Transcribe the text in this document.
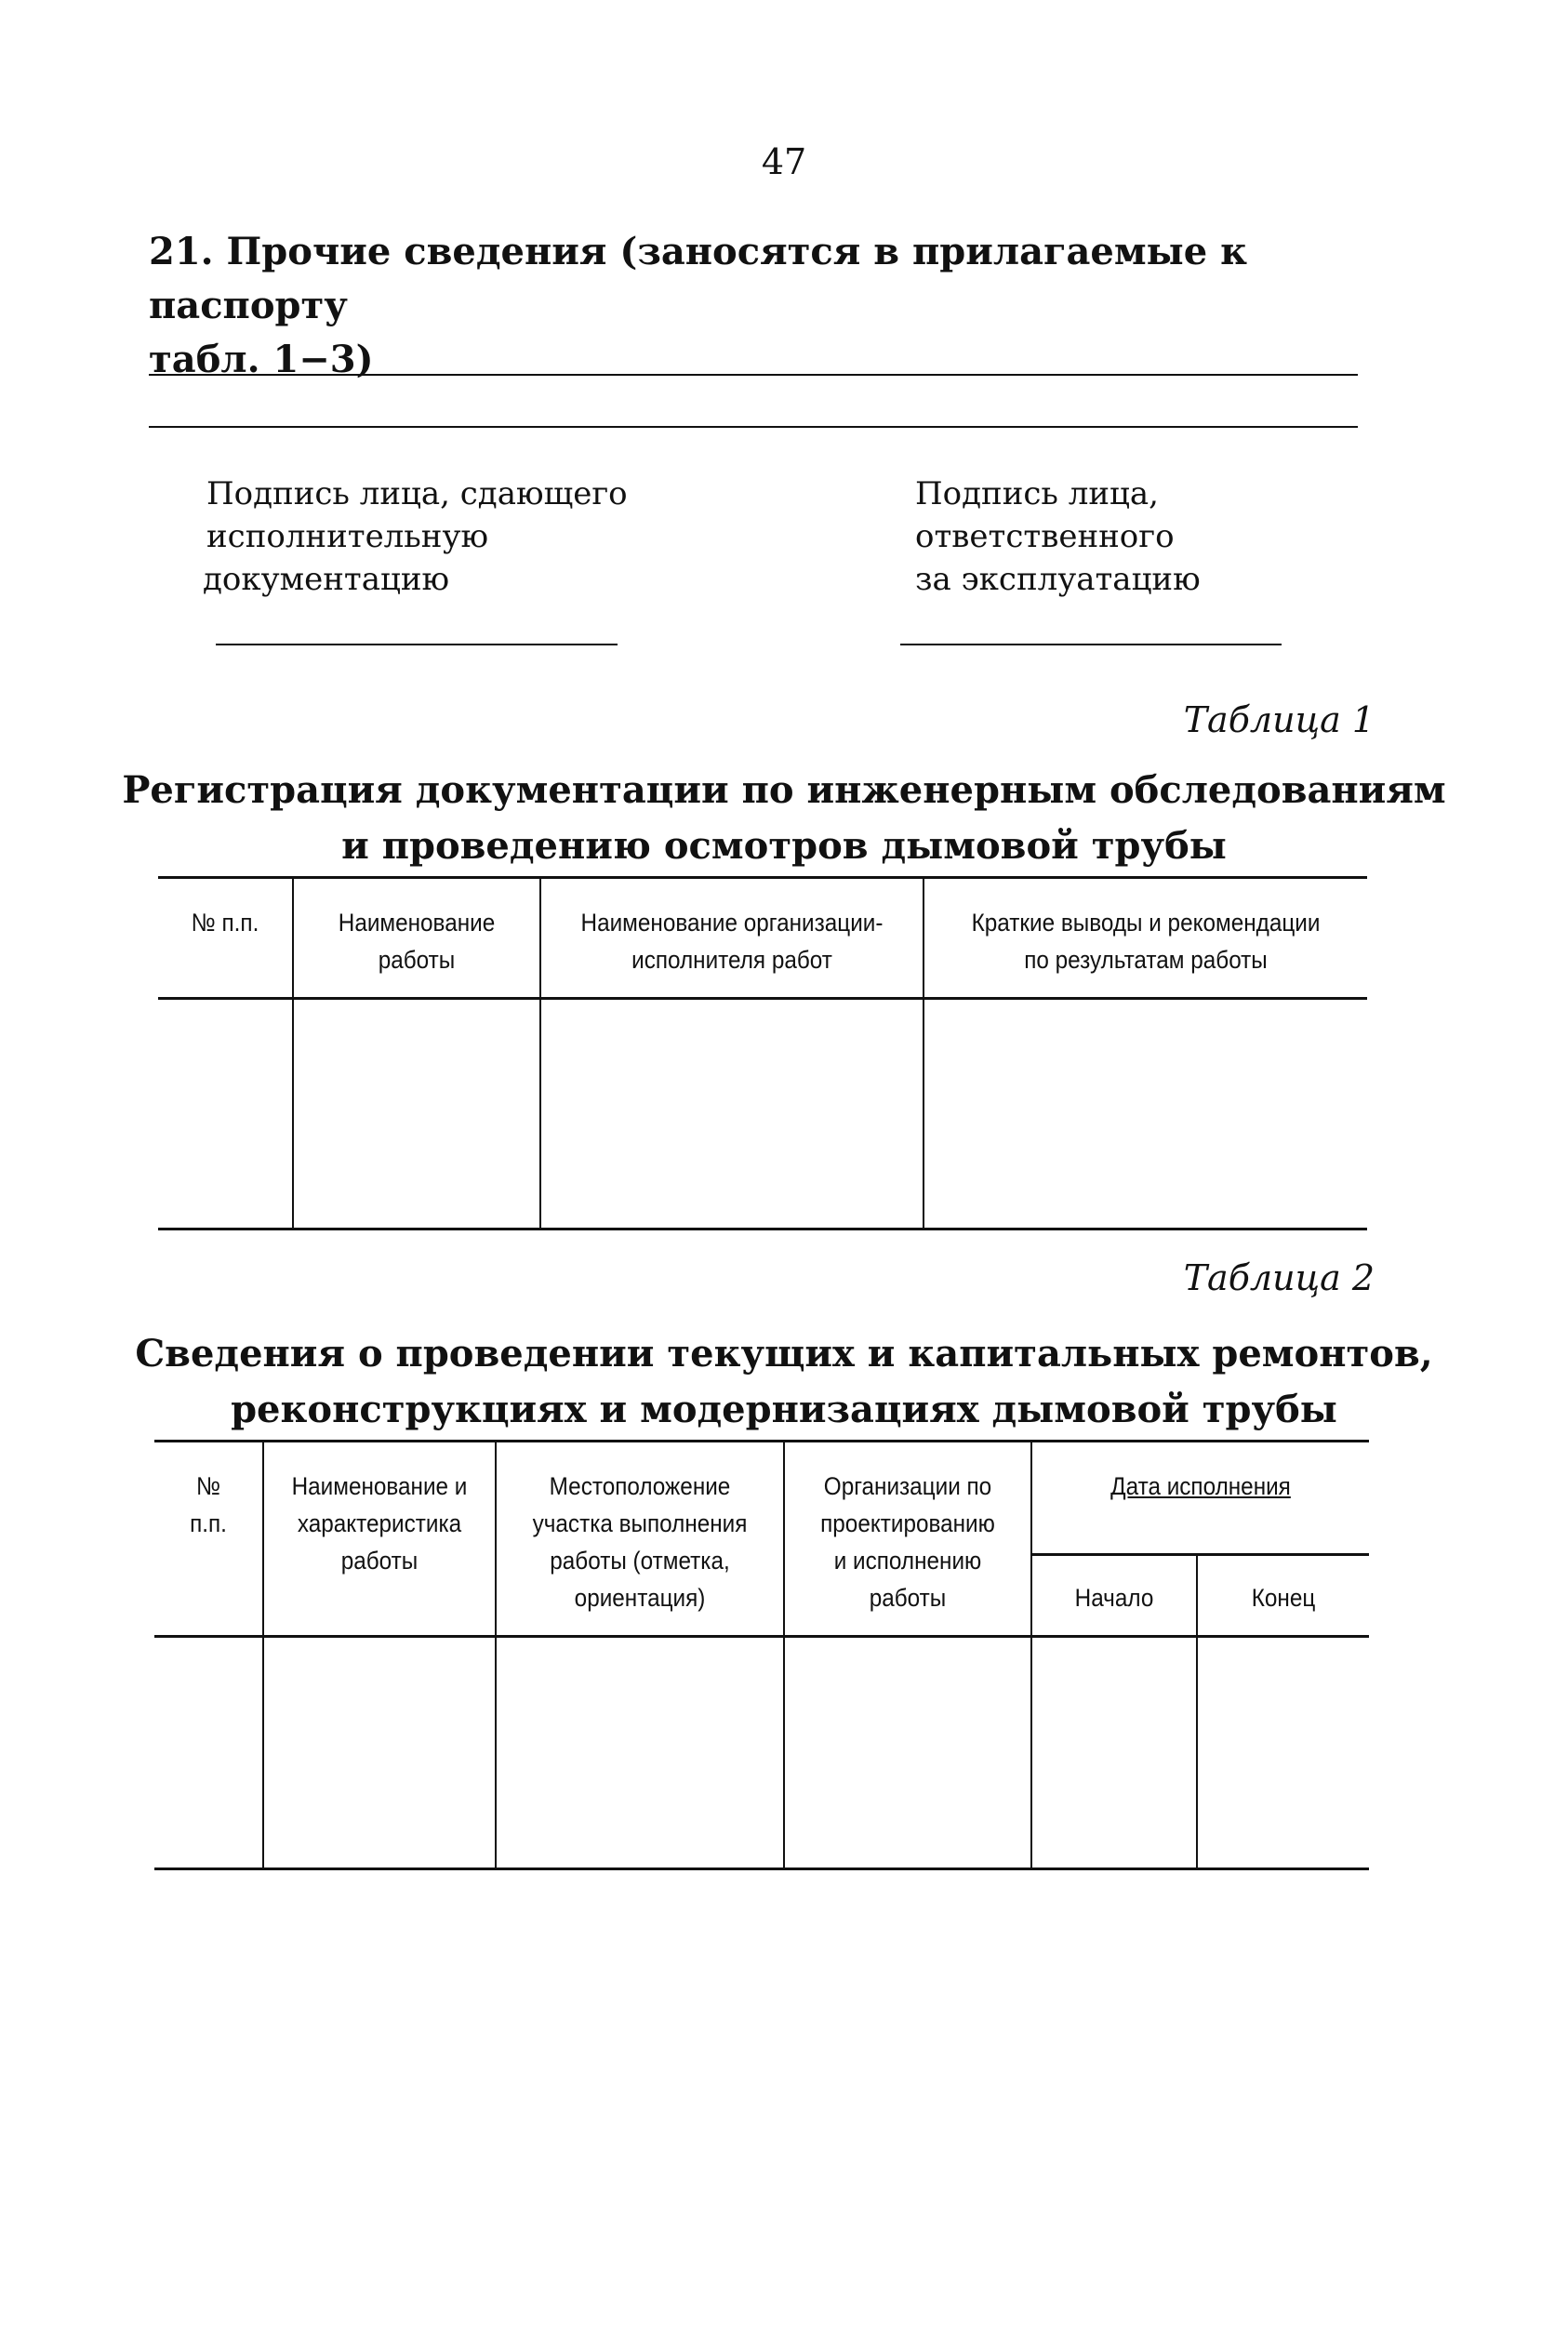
47
21. Прочие сведения (заносятся в прилагаемые к паспорту
табл. 1−3)
Подпись лица, сдающего
исполнительную
документацию
Подпись лица,
ответственного
за эксплуатацию
Таблица 1
Регистрация документации по инженерным обследованиям
и проведению осмотров дымовой трубы
№ п.п.	Наименование
работы
Наименование организации-
исполнителя работ
Краткие выводы и рекомендации
по результатам работы
Таблица 2
Сведения о проведении текущих и капитальных ремонтов,
реконструкциях и модернизациях дымовой трубы
№
п.п.
Наименование и
характеристика
работы
Местоположение
участка выполнения
работы (отметка,
ориентация)
Организации по
проектированию
и исполнению
работы
Дата исполнения
Начало	Конец
